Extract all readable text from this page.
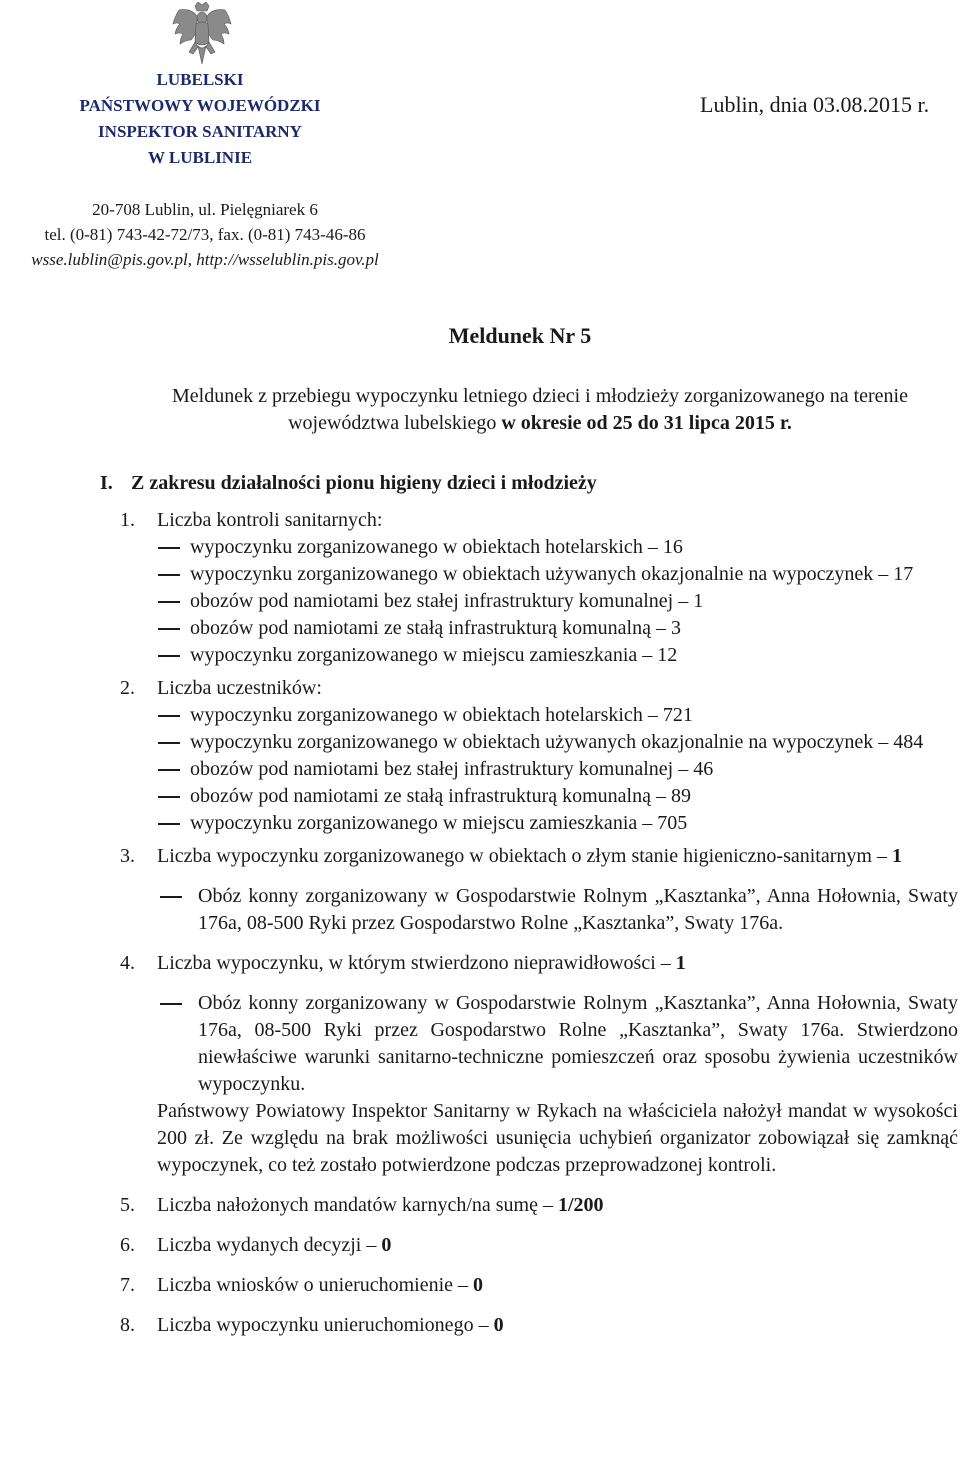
LUBELSKI
PAŃSTWOWY WOJEWÓDZKI
INSPEKTOR SANITARNY
W LUBLINIE
20-708 Lublin, ul. Pielęgniarek 6
tel. (0-81) 743-42-72/73, fax. (0-81) 743-46-86
wsse.lublin@pis.gov.pl, http://wsselublin.pis.gov.pl
Lublin, dnia 03.08.2015 r.
Meldunek Nr 5
Meldunek z przebiegu wypoczynku letniego dzieci i młodzieży zorganizowanego na terenie województwa lubelskiego w okresie od 25 do 31 lipca 2015 r.
I. Z zakresu działalności pionu higieny dzieci i młodzieży
1. Liczba kontroli sanitarnych:
wypoczynku zorganizowanego w obiektach hotelarskich – 16
wypoczynku zorganizowanego w obiektach używanych okazjonalnie na wypoczynek – 17
obozów pod namiotami bez stałej infrastruktury komunalnej – 1
obozów pod namiotami ze stałą infrastrukturą komunalną – 3
wypoczynku zorganizowanego w miejscu zamieszkania – 12
2. Liczba uczestników:
wypoczynku zorganizowanego w obiektach hotelarskich – 721
wypoczynku zorganizowanego w obiektach używanych okazjonalnie na wypoczynek – 484
obozów pod namiotami bez stałej infrastruktury komunalnej – 46
obozów pod namiotami ze stałą infrastrukturą komunalną – 89
wypoczynku zorganizowanego w miejscu zamieszkania – 705
3. Liczba wypoczynku zorganizowanego w obiektach o złym stanie higieniczno-sanitarnym – 1
Obóz konny zorganizowany w Gospodarstwie Rolnym „Kasztanka”, Anna Hołownia, Swaty 176a, 08-500 Ryki przez Gospodarstwo Rolne „Kasztanka”, Swaty 176a.
4. Liczba wypoczynku, w którym stwierdzono nieprawidłowości – 1
Obóz konny zorganizowany w Gospodarstwie Rolnym „Kasztanka”, Anna Hołownia, Swaty 176a, 08-500 Ryki przez Gospodarstwo Rolne „Kasztanka”, Swaty 176a. Stwierdzono niewłaściwe warunki sanitarno-techniczne pomieszczeń oraz sposobu żywienia uczestników wypoczynku.
Państwowy Powiatowy Inspektor Sanitarny w Rykach na właściciela nałożył mandat w wysokości 200 zł. Ze względu na brak możliwości usunięcia uchybień organizator zobowiązał się zamknąć wypoczynek, co też zostało potwierdzone podczas przeprowadzonej kontroli.
5. Liczba nałożonych mandatów karnych/na sumę – 1/200
6. Liczba wydanych decyzji – 0
7. Liczba wniosków o unieruchomienie – 0
8. Liczba wypoczynku unieruchomionego – 0
